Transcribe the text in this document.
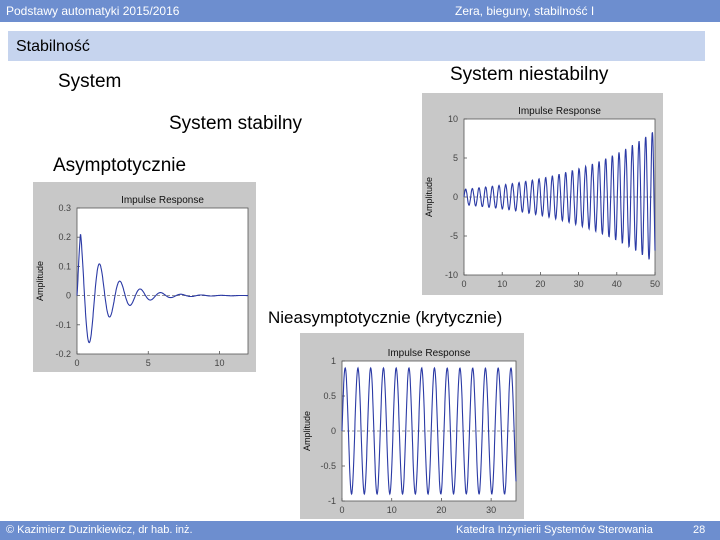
Podstawy automatyki 2015/2016	Zera, bieguny, stabilność I
Stabilność
System	System niestabilny
System stabilny
Asymptotycznie
Nieasymptotycznie (krytycznie)
Impulse Response
Amplitude
-0.2
-0.1
0
0.1
0.2
0.3
0	5	10
Impulse Response
Amplitude
-10
-5
0
5
10
0	10	20	30	40	50
Impulse Response
Amplitude
-1
-0.5
0
0.5
1
0	10	20	30
© Kazimierz Duzinkiewicz, dr hab. inż.	Katedra Inżynierii Systemów Sterowania	28
